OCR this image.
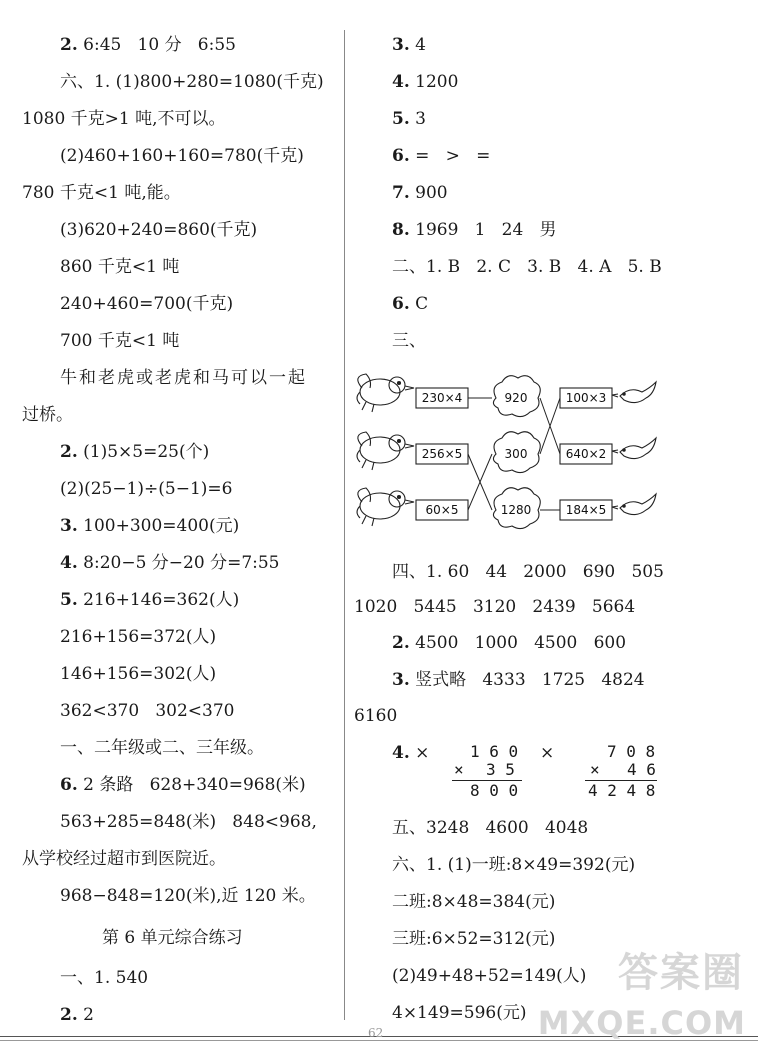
2. 6:45   10 分   6:55
六、1. (1)800+280=1080(千克)
1080 千克>1 吨,不可以。
(2)460+160+160=780(千克)
780 千克<1 吨,能。
(3)620+240=860(千克)
860 千克<1 吨
240+460=700(千克)
700 千克<1 吨
牛和老虎或老虎和马可以一起
过桥。
2. (1)5×5=25(个)
(2)(25−1)÷(5−1)=6
3. 100+300=400(元)
4. 8:20−5 分−20 分=7:55
5. 216+146=362(人)
216+156=372(人)
146+156=302(人)
362<370   302<370
一、二年级或二、三年级。
6. 2 条路   628+340=968(米)
563+285=848(米)   848<968,
从学校经过超市到医院近。
968−848=120(米),近 120 米。
第 6 单元综合练习
一、1. 540
2. 2
3. 4
4. 1200
5. 3
6. =   >   =
7. 900
8. 1969   1   24   男
二、1. B   2. C   3. B   4. A   5. B
6. C
三、
230×4
256×5
60×5
920
300
1280
100×3
640×2
184×5
四、1. 60   44   2000   690   505
1020   5445   3120   2439   5664
2. 4500   1000   4500   600
3. 竖式略   4333   1725   4824
6160
4. ×	1 6 0
× 3 5
8 0 0
×	7 0 8
× 4 6
4 2 4 8
五、3248   4600   4048
六、1. (1)一班:8×49=392(元)
二班:8×48=384(元)
三班:6×52=312(元)
(2)49+48+52=149(人)
4×149=596(元)
62
答案圈
MXQE.COM
